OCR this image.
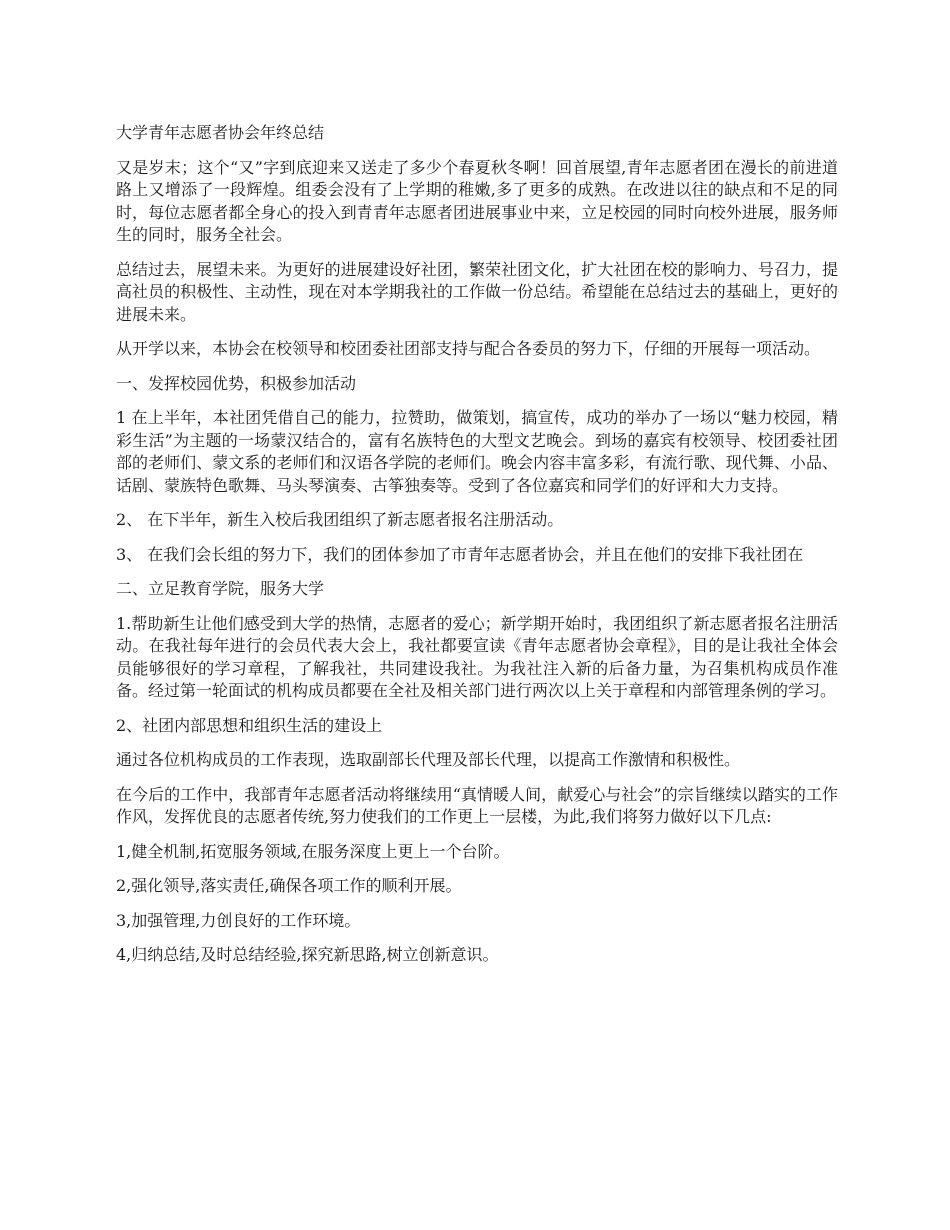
大学青年志愿者协会年终总结

又是岁末；这个“又”字到底迎来又送走了多少个春夏秋冬啊！回首展望,青年志愿者团在漫长的前进道路上又增添了一段辉煌。组委会没有了上学期的稚嫩,多了更多的成熟。在改进以往的缺点和不足的同时，每位志愿者都全身心的投入到青青年志愿者团进展事业中来，立足校园的同时向校外进展，服务师生的同时，服务全社会。

总结过去，展望未来。为更好的进展建设好社团，繁荣社团文化，扩大社团在校的影响力、号召力，提高社员的积极性、主动性，现在对本学期我社的工作做一份总结。希望能在总结过去的基础上，更好的进展未来。

从开学以来，本协会在校领导和校团委社团部支持与配合各委员的努力下，仔细的开展每一项活动。

一、发挥校园优势，积极参加活动

1 在上半年，本社团凭借自己的能力，拉赞助，做策划，搞宣传，成功的举办了一场以“魅力校园，精彩生活”为主题的一场蒙汉结合的，富有名族特色的大型文艺晚会。到场的嘉宾有校领导、校团委社团部的老师们、蒙文系的老师们和汉语各学院的老师们。晚会内容丰富多彩，有流行歌、现代舞、小品、话剧、蒙族特色歌舞、马头琴演奏、古筝独奏等。受到了各位嘉宾和同学们的好评和大力支持。

2、 在下半年，新生入校后我团组织了新志愿者报名注册活动。

3、 在我们会长组的努力下，我们的团体参加了市青年志愿者协会，并且在他们的安排下我社团在

二、立足教育学院，服务大学

1.帮助新生让他们感受到大学的热情，志愿者的爱心；新学期开始时，我团组织了新志愿者报名注册活动。在我社每年进行的会员代表大会上，我社都要宣读《青年志愿者协会章程》，目的是让我社全体会员能够很好的学习章程，了解我社，共同建设我社。为我社注入新的后备力量，为召集机构成员作准备。经过第一轮面试的机构成员都要在全社及相关部门进行两次以上关于章程和内部管理条例的学习。

2、社团内部思想和组织生活的建设上

通过各位机构成员的工作表现，选取副部长代理及部长代理，以提高工作激情和积极性。

在今后的工作中，我部青年志愿者活动将继续用“真情暖人间，献爱心与社会”的宗旨继续以踏实的工作作风，发挥优良的志愿者传统,努力使我们的工作更上一层楼，为此,我们将努力做好以下几点:

1,健全机制,拓宽服务领域,在服务深度上更上一个台阶。

2,强化领导,落实责任,确保各项工作的顺利开展。

3,加强管理,力创良好的工作环境。

4,归纳总结,及时总结经验,探究新思路,树立创新意识。
